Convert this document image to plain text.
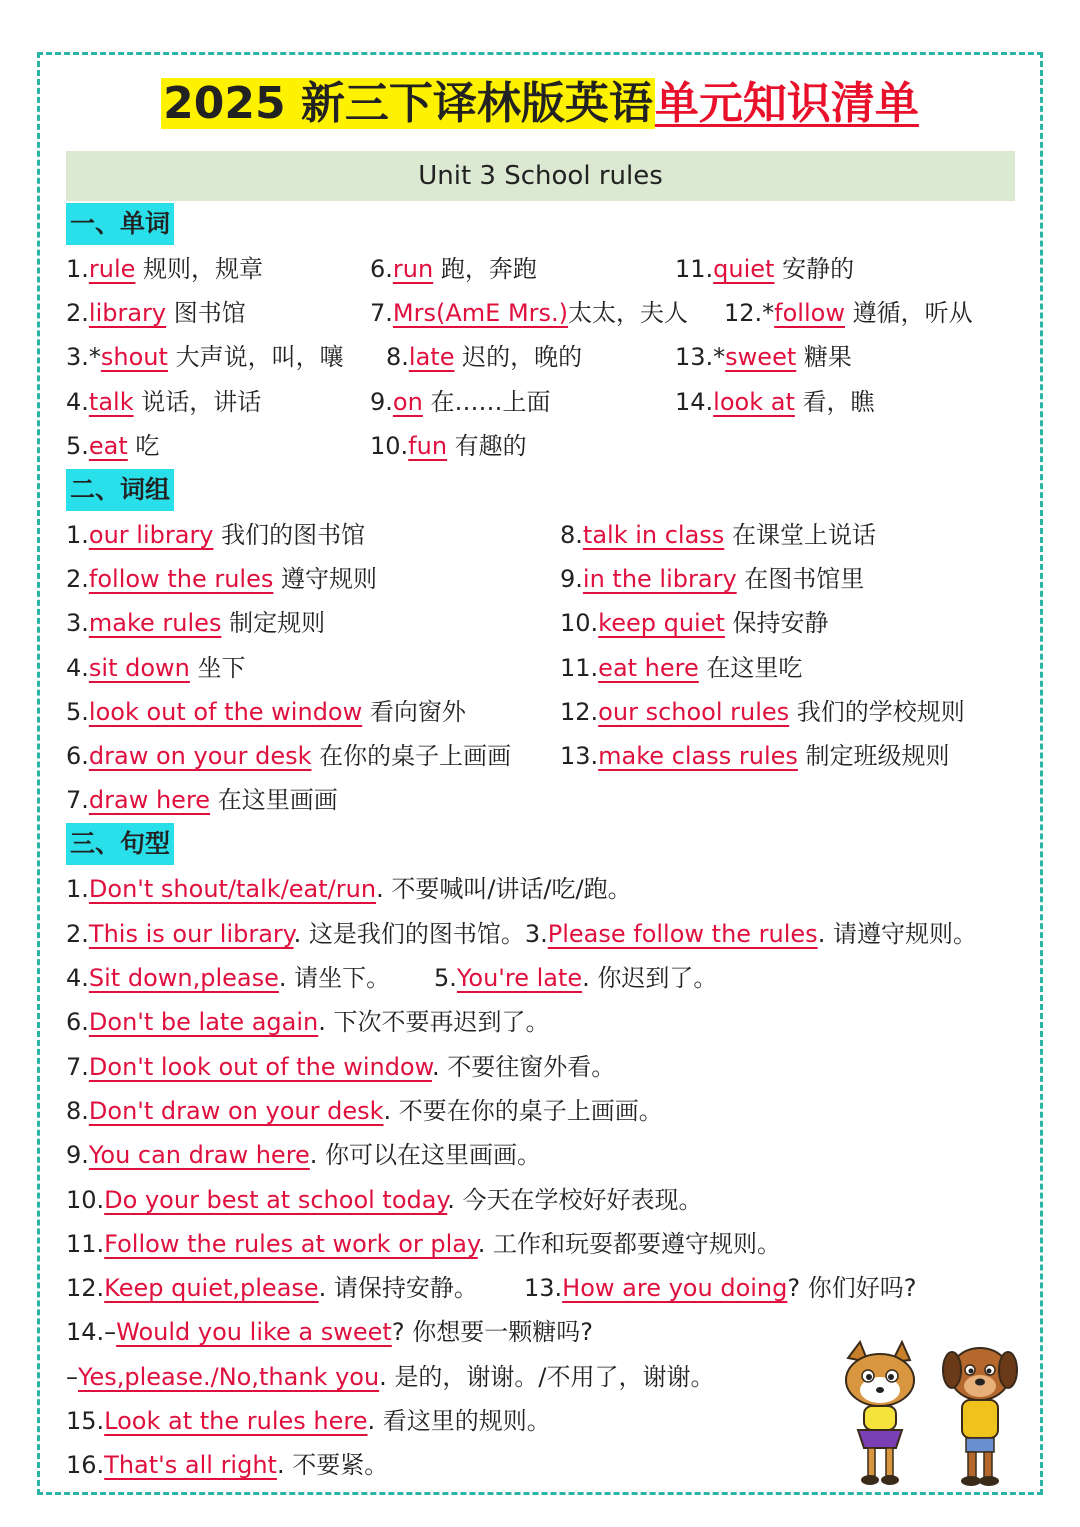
2025 新三下译林版英语单元知识清单
Unit 3 School rules
一、单词
二、词组
三、句型
1.rule 规则，规章
2.library 图书馆
3.*shout 大声说，叫，嚷
4.talk 说话，讲话
5.eat 吃
6.run 跑，奔跑
7.Mrs(AmE Mrs.)太太，夫人
8.late 迟的，晚的
9.on 在……上面
10.fun 有趣的
11.quiet 安静的
12.*follow 遵循，听从
13.*sweet 糖果
14.look at 看，瞧
1.our library 我们的图书馆
2.follow the rules 遵守规则
3.make rules 制定规则
4.sit down 坐下
5.look out of the window 看向窗外
6.draw on your desk 在你的桌子上画画
7.draw here 在这里画画
8.talk in class 在课堂上说话
9.in the library 在图书馆里
10.keep quiet 保持安静
11.eat here 在这里吃
12.our school rules 我们的学校规则
13.make class rules 制定班级规则
1.Don't shout/talk/eat/run. 不要喊叫/讲话/吃/跑。
2.This is our library. 这是我们的图书馆。3.Please follow the rules. 请遵守规则。
4.Sit down,please. 请坐下。 5.You're late. 你迟到了。
6.Don't be late again. 下次不要再迟到了。
7.Don't look out of the window. 不要往窗外看。
8.Don't draw on your desk. 不要在你的桌子上画画。
9.You can draw here. 你可以在这里画画。
10.Do your best at school today. 今天在学校好好表现。
11.Follow the rules at work or play. 工作和玩耍都要遵守规则。
12.Keep quiet,please. 请保持安静。 13.How are you doing? 你们好吗?
14.–Would you like a sweet? 你想要一颗糖吗?
–Yes,please./No,thank you. 是的，谢谢。/不用了，谢谢。
15.Look at the rules here. 看这里的规则。
16.That's all right. 不要紧。
